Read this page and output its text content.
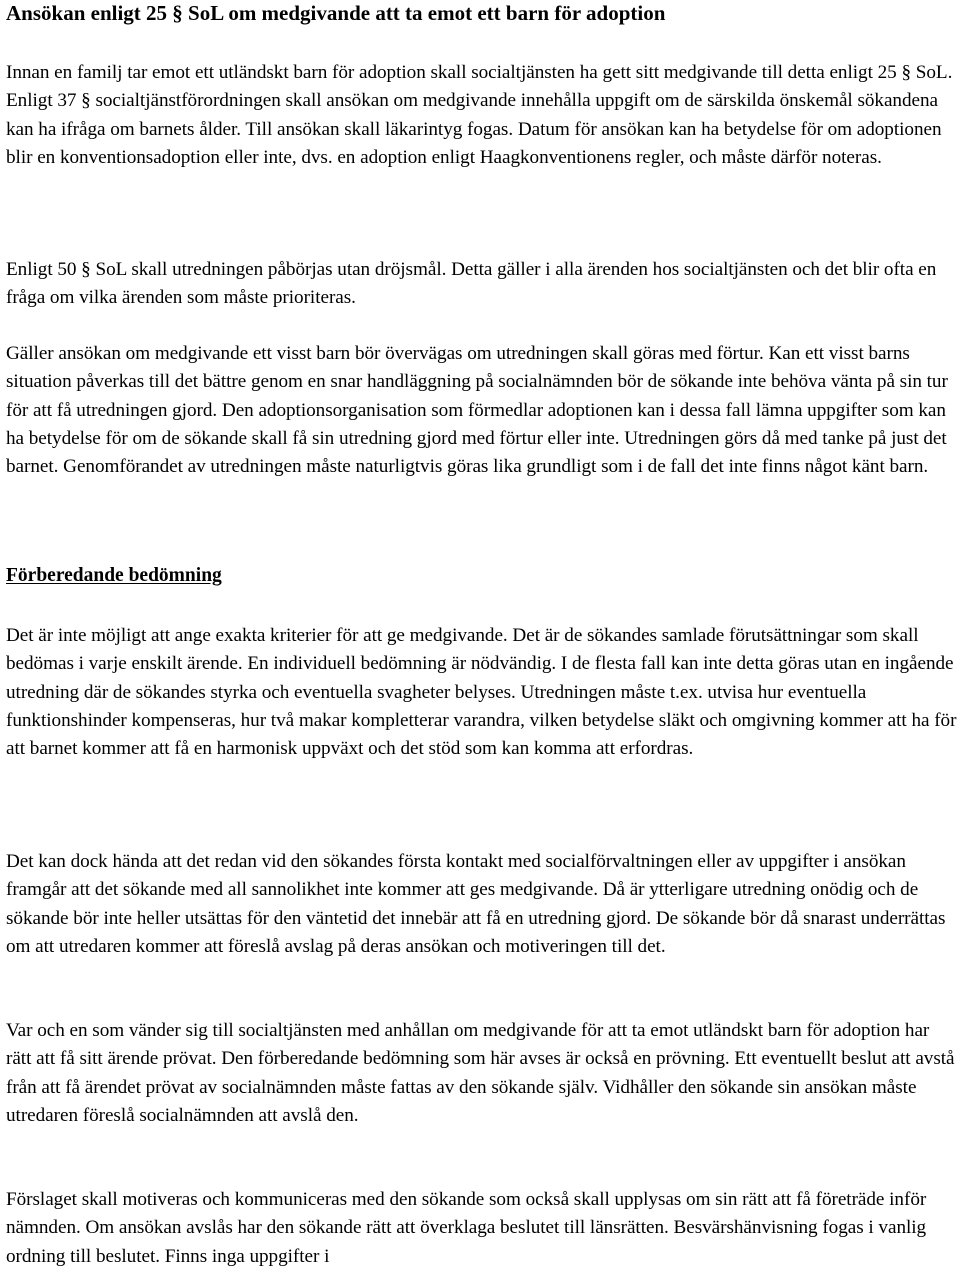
Ansökan enligt 25 § SoL om medgivande att ta emot ett barn för adoption

Innan en familj tar emot ett utländskt barn för adoption skall socialtjänsten ha gett sitt medgivande till detta enligt 25 § SoL. Enligt 37 § socialtjänstförordningen skall ansökan om medgivande innehålla uppgift om de särskilda önskemål sökandena kan ha ifråga om barnets ålder. Till ansökan skall läkarintyg fogas. Datum för ansökan kan ha betydelse för om adoptionen blir en konventionsadoption eller inte, dvs. en adoption enligt Haagkonventionens regler, och måste därför noteras.

Enligt 50 § SoL skall utredningen påbörjas utan dröjsmål. Detta gäller i alla ärenden hos socialtjänsten och det blir ofta en fråga om vilka ärenden som måste prioriteras.

Gäller ansökan om medgivande ett visst barn bör övervägas om utredningen skall göras med förtur. Kan ett visst barns situation påverkas till det bättre genom en snar handläggning på socialnämnden bör de sökande inte behöva vänta på sin tur för att få utredningen gjord. Den adoptionsorganisation som förmedlar adoptionen kan i dessa fall lämna uppgifter som kan ha betydelse för om de sökande skall få sin utredning gjord med förtur eller inte. Utredningen görs då med tanke på just det barnet. Genomförandet av utredningen måste naturligtvis göras lika grundligt som i de fall det inte finns något känt barn.

Förberedande bedömning

Det är inte möjligt att ange exakta kriterier för att ge medgivande. Det är de sökandes samlade förutsättningar som skall bedömas i varje enskilt ärende. En individuell bedömning är nödvändig. I de flesta fall kan inte detta göras utan en ingående utredning där de sökandes styrka och eventuella svagheter belyses. Utredningen måste t.ex. utvisa hur eventuella funktionshinder kompenseras, hur två makar kompletterar varandra, vilken betydelse släkt och omgivning kommer att ha för att barnet kommer att få en harmonisk uppväxt och det stöd som kan komma att erfordras.

Det kan dock hända att det redan vid den sökandes första kontakt med socialförvaltningen eller av uppgifter i ansökan framgår att det sökande med all sannolikhet inte kommer att ges medgivande. Då är ytterligare utredning onödig och de sökande bör inte heller utsättas för den väntetid det innebär att få en utredning gjord. De sökande bör då snarast underrättas om att utredaren kommer att föreslå avslag på deras ansökan och motiveringen till det.

Var och en som vänder sig till socialtjänsten med anhållan om medgivande för att ta emot utländskt barn för adoption har rätt att få sitt ärende prövat. Den förberedande bedömning som här avses är också en prövning. Ett eventuellt beslut att avstå från att få ärendet prövat av socialnämnden måste fattas av den sökande själv. Vidhåller den sökande sin ansökan måste utredaren föreslå socialnämnden att avslå den.

Förslaget skall motiveras och kommuniceras med den sökande som också skall upplysas om sin rätt att få företräde inför nämnden. Om ansökan avslås har den sökande rätt att överklaga beslutet till länsrätten. Besvärshänvisning fogas i vanlig ordning till beslutet. Finns inga uppgifter i
